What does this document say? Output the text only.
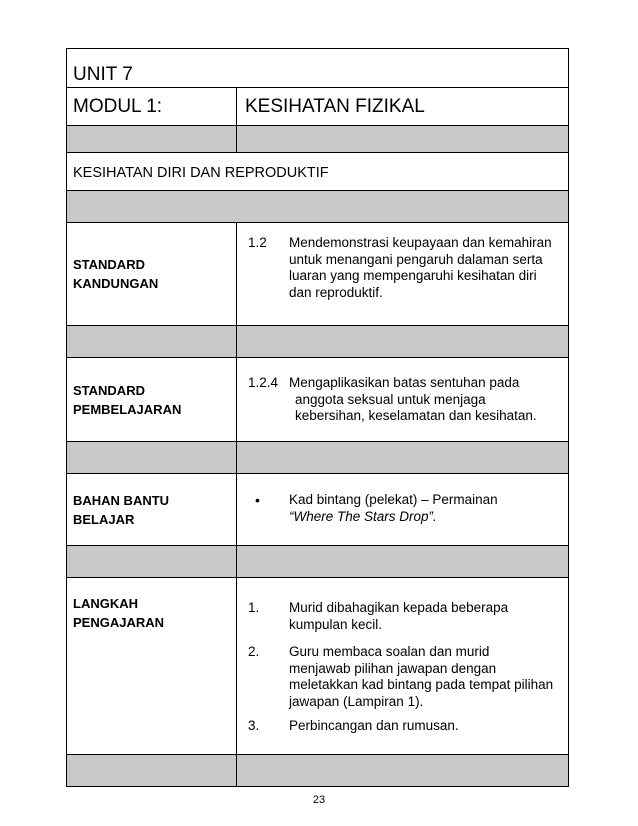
UNIT 7
MODUL 1:	KESIHATAN FIZIKAL
KESIHATAN DIRI DAN REPRODUKTIF
STANDARD KANDUNGAN
1.2 Mendemonstrasi keupayaan dan kemahiran untuk menangani pengaruh dalaman serta luaran yang mempengaruhi kesihatan diri dan reproduktif.
STANDARD PEMBELAJARAN
1.2.4 Mengaplikasikan batas sentuhan pada anggota seksual untuk menjaga kebersihan, keselamatan dan kesihatan.
BAHAN BANTU BELAJAR
• Kad bintang (pelekat) – Permainan
“Where The Stars Drop”.
LANGKAH PENGAJARAN
1. Murid dibahagikan kepada beberapa kumpulan kecil.
2. Guru membaca soalan dan murid menjawab pilihan jawapan dengan meletakkan kad bintang pada tempat pilihan jawapan (Lampiran 1).
3. Perbincangan dan rumusan.
23
